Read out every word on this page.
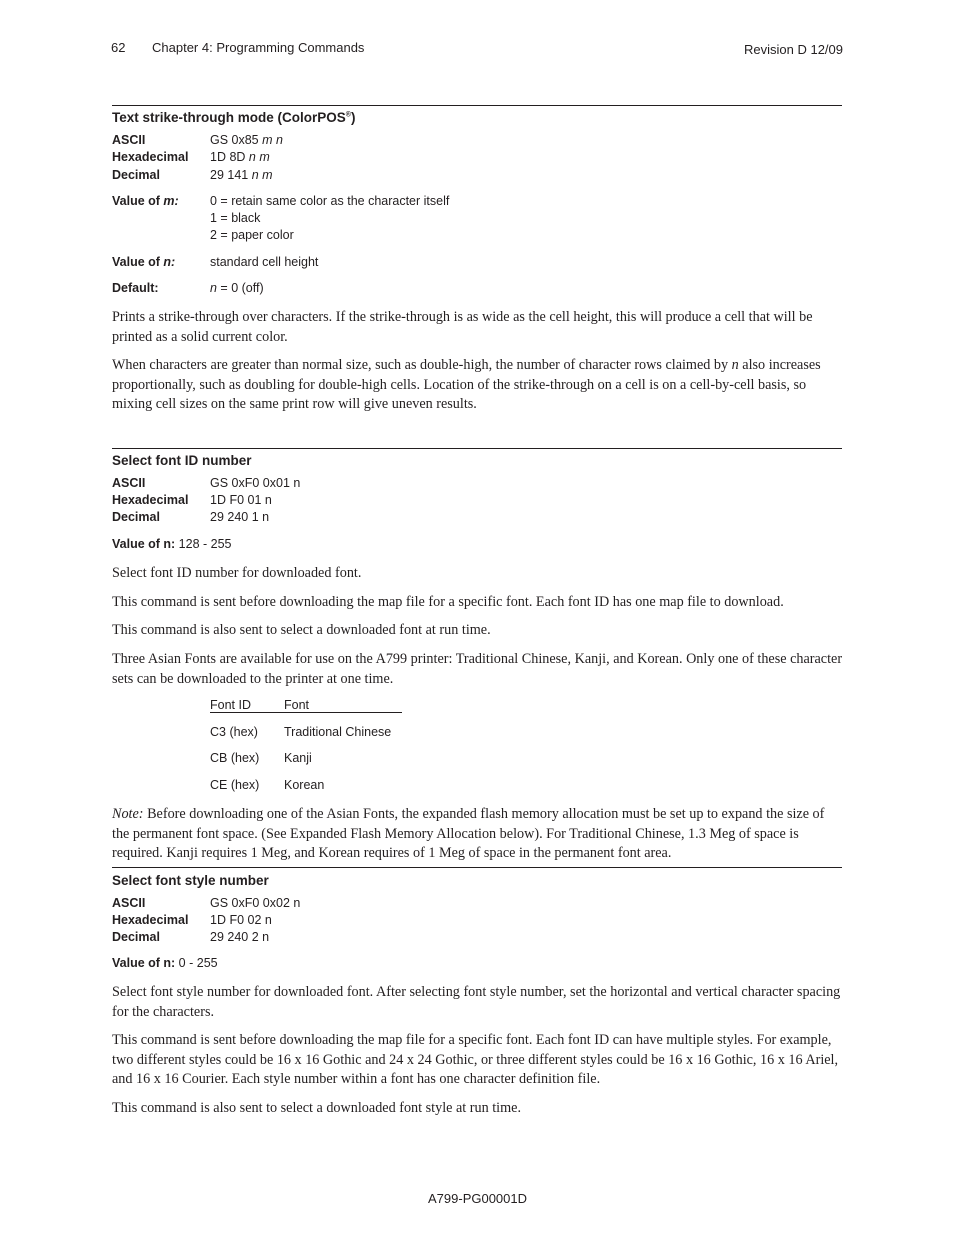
62 Chapter 4: Programming Commands	Revision D 12/09
Text strike-through mode (ColorPOS®)
ASCII	GS 0x85 m n
Hexadecimal 1D 8D n m
Decimal	29 141 n m
Value of m:	0 = retain same color as the character itself
1 = black
2 = paper color
Value of n:	standard cell height
Default:	n = 0 (off)
Prints a strike-through over characters. If the strike-through is as wide as the cell height, this will produce a cell that will be printed as a solid current color.
When characters are greater than normal size, such as double-high, the number of character rows claimed by n also increases proportionally, such as doubling for double-high cells. Location of the strike-through on a cell is on a cell-by-cell basis, so mixing cell sizes on the same print row will give uneven results.
Select font ID number
ASCII	GS 0xF0 0x01 n
Hexadecimal 1D F0 01 n
Decimal	29 240 1 n
Value of n: 128 - 255
Select font ID number for downloaded font.
This command is sent before downloading the map file for a specific font. Each font ID has one map file to download.
This command is also sent to select a downloaded font at run time.
Three Asian Fonts are available for use on the A799 printer: Traditional Chinese, Kanji, and Korean. Only one of these character sets can be downloaded to the printer at one time.
Font ID	Font
C3 (hex) Traditional Chinese
CB (hex) Kanji
CE (hex) Korean
Note: Before downloading one of the Asian Fonts, the expanded flash memory allocation must be set up to expand the size of the permanent font space. (See Expanded Flash Memory Allocation below). For Traditional Chinese, 1.3 Meg of space is required. Kanji requires 1 Meg, and Korean requires of 1 Meg of space in the permanent font area.
Select font style number
ASCII	GS 0xF0 0x02 n
Hexadecimal 1D F0 02 n
Decimal	29 240 2 n
Value of n: 0 - 255
Select font style number for downloaded font. After selecting font style number, set the horizontal and vertical character spacing for the characters.
This command is sent before downloading the map file for a specific font. Each font ID can have multiple styles. For example, two different styles could be 16 x 16 Gothic and 24 x 24 Gothic, or three different styles could be 16 x 16 Gothic, 16 x 16 Ariel, and 16 x 16 Courier. Each style number within a font has one character definition file.
This command is also sent to select a downloaded font style at run time.
A799-PG00001D
